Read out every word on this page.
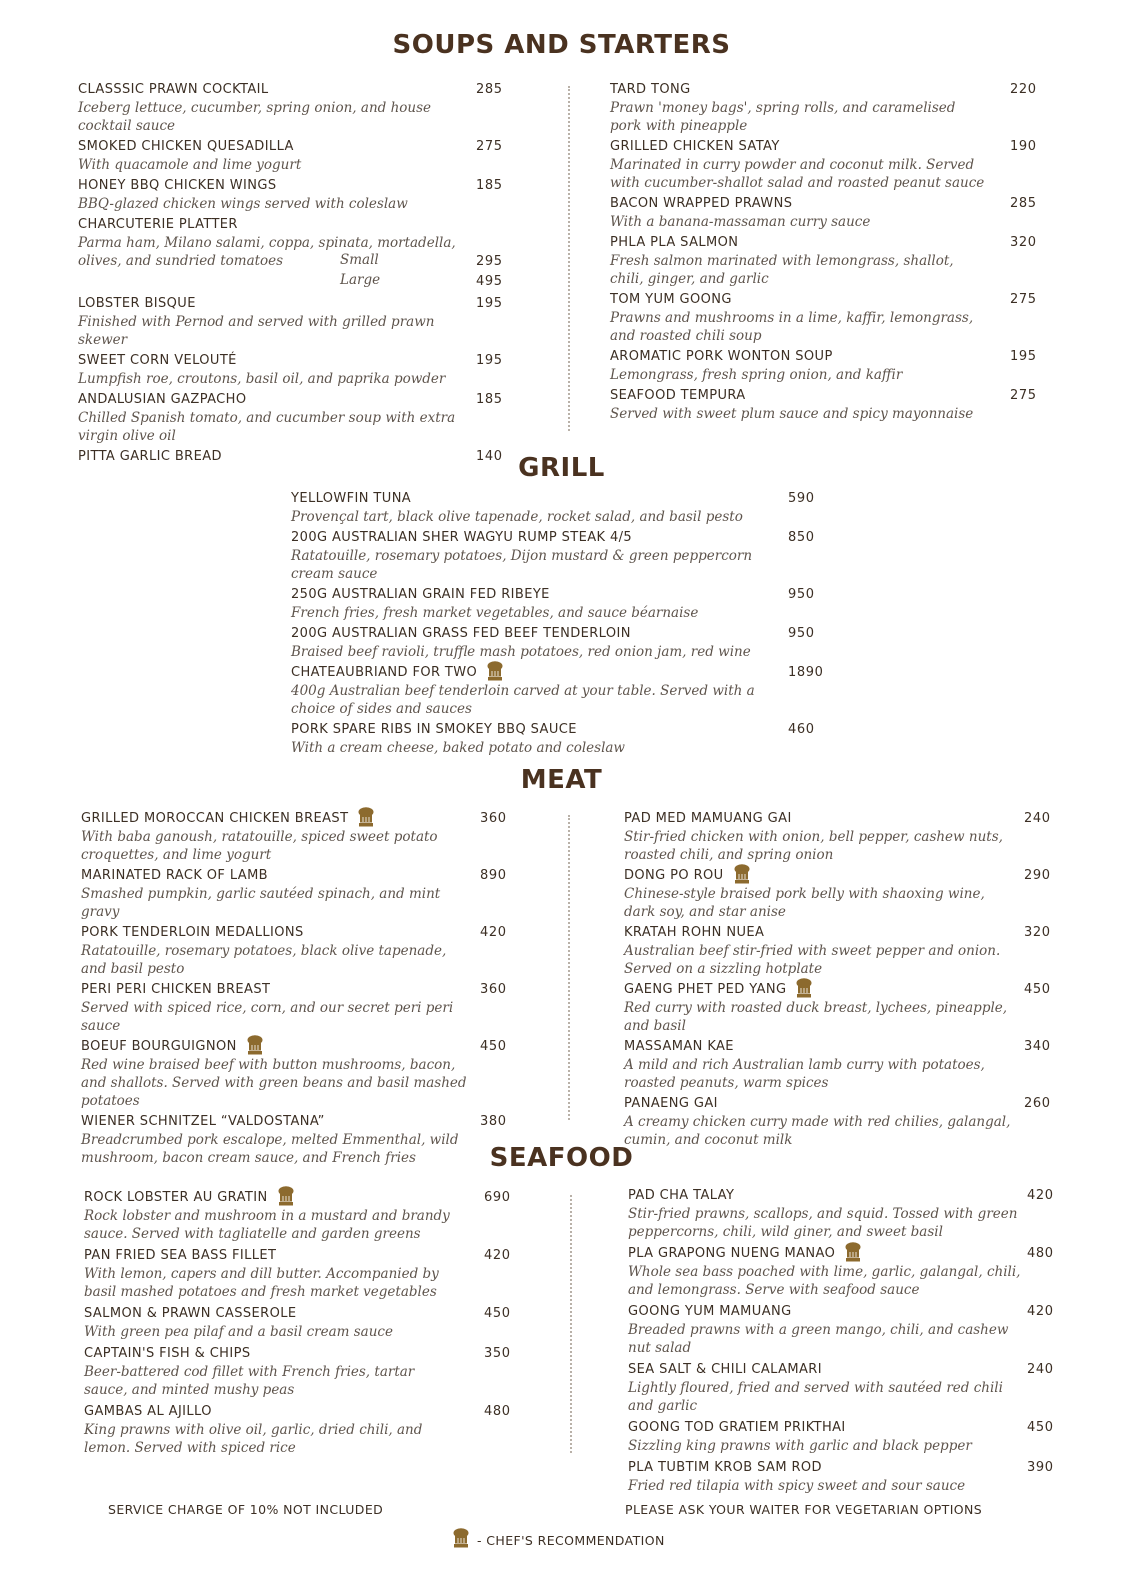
SOUPS AND STARTERS
CLASSSIC PRAWN COCKTAIL	285

Iceberg lettuce, cucumber, spring onion, and house cocktail sauce

SMOKED CHICKEN QUESADILLA	275

With quacamole and lime yogurt

HONEY BBQ CHICKEN WINGS	185

BBQ-glazed chicken wings served with coleslaw

CHARCUTERIE PLATTER

Parma ham, Milano salami, coppa, spinata, mortadella, olives, and sundried tomatoes	Small	295
Large	495
LOBSTER BISQUE	195

Finished with Pernod and served with grilled prawn skewer

SWEET CORN VELOUTÉ	195

Lumpfish roe, croutons, basil oil, and paprika powder

ANDALUSIAN GAZPACHO	185

Chilled Spanish tomato, and cucumber soup with extra virgin olive oil

PITTA GARLIC BREAD	140
TARD TONG	220

Prawn 'money bags', spring rolls, and caramelised pork with pineapple

GRILLED CHICKEN SATAY	190

Marinated in curry powder and coconut milk. Served with cucumber-shallot salad and roasted peanut sauce

BACON WRAPPED PRAWNS	285

With a banana-massaman curry sauce

PHLA PLA SALMON	320

Fresh salmon marinated with lemongrass, shallot, chili, ginger, and garlic

TOM YUM GOONG	275

Prawns and mushrooms in a lime, kaffir, lemongrass, and roasted chili soup

AROMATIC PORK WONTON SOUP	195

Lemongrass, fresh spring onion, and kaffir

SEAFOOD TEMPURA	275

Served with sweet plum sauce and spicy mayonnaise

GRILL
YELLOWFIN TUNA	590

Provençal tart, black olive tapenade, rocket salad, and basil pesto

200G AUSTRALIAN SHER WAGYU RUMP STEAK 4/5	850

Ratatouille, rosemary potatoes, Dijon mustard & green peppercorn cream sauce

250G AUSTRALIAN GRAIN FED RIBEYE	950

French fries, fresh market vegetables, and sauce béarnaise

200G AUSTRALIAN GRASS FED BEEF TENDERLOIN	950

Braised beef ravioli, truffle mash potatoes, red onion jam, red wine

CHATEAUBRIAND FOR TWO	1890

400g Australian beef tenderloin carved at your table. Served with a choice of sides and sauces

PORK SPARE RIBS IN SMOKEY BBQ SAUCE	460

With a cream cheese, baked potato and coleslaw

MEAT
GRILLED MOROCCAN CHICKEN BREAST	360

With baba ganoush, ratatouille, spiced sweet potato croquettes, and lime yogurt

MARINATED RACK OF LAMB	890

Smashed pumpkin, garlic sautéed spinach, and mint gravy

PORK TENDERLOIN MEDALLIONS	420

Ratatouille, rosemary potatoes, black olive tapenade, and basil pesto

PERI PERI CHICKEN BREAST	360

Served with spiced rice, corn, and our secret peri peri sauce

BOEUF BOURGUIGNON	450

Red wine braised beef with button mushrooms, bacon, and shallots. Served with green beans and basil mashed potatoes

WIENER SCHNITZEL “VALDOSTANA”	380

Breadcrumbed pork escalope, melted Emmenthal, wild mushroom, bacon cream sauce, and French fries

PAD MED MAMUANG GAI	240

Stir-fried chicken with onion, bell pepper, cashew nuts, roasted chili, and spring onion

DONG PO ROU	290

Chinese-style braised pork belly with shaoxing wine, dark soy, and star anise

KRATAH ROHN NUEA	320

Australian beef stir-fried with sweet pepper and onion. Served on a sizzling hotplate

GAENG PHET PED YANG	450

Red curry with roasted duck breast, lychees, pineapple, and basil

MASSAMAN KAE	340

A mild and rich Australian lamb curry with potatoes, roasted peanuts, warm spices

PANAENG GAI	260

A creamy chicken curry made with red chilies, galangal, cumin, and coconut milk

SEAFOOD
ROCK LOBSTER AU GRATIN	690

Rock lobster and mushroom in a mustard and brandy sauce. Served with tagliatelle and garden greens

PAN FRIED SEA BASS FILLET	420

With lemon, capers and dill butter. Accompanied by basil mashed potatoes and fresh market vegetables

SALMON & PRAWN CASSEROLE	450

With green pea pilaf and a basil cream sauce

CAPTAIN'S FISH & CHIPS	350

Beer-battered cod fillet with French fries, tartar sauce, and minted mushy peas

GAMBAS AL AJILLO	480

King prawns with olive oil, garlic, dried chili, and lemon. Served with spiced rice

PAD CHA TALAY	420

Stir-fried prawns, scallops, and squid. Tossed with green peppercorns, chili, wild giner, and sweet basil

PLA GRAPONG NUENG MANAO	480

Whole sea bass poached with lime, garlic, galangal, chili, and lemongrass. Serve with seafood sauce

GOONG YUM MAMUANG	420

Breaded prawns with a green mango, chili, and cashew nut salad

SEA SALT & CHILI CALAMARI	240

Lightly floured, fried and served with sautéed red chili and garlic

GOONG TOD GRATIEM PRIKTHAI	450

Sizzling king prawns with garlic and black pepper

PLA TUBTIM KROB SAM ROD	390

Fried red tilapia with spicy sweet and sour sauce

SERVICE CHARGE OF 10% NOT INCLUDED	PLEASE ASK YOUR WAITER FOR VEGETARIAN OPTIONS
- CHEF'S RECOMMENDATION
